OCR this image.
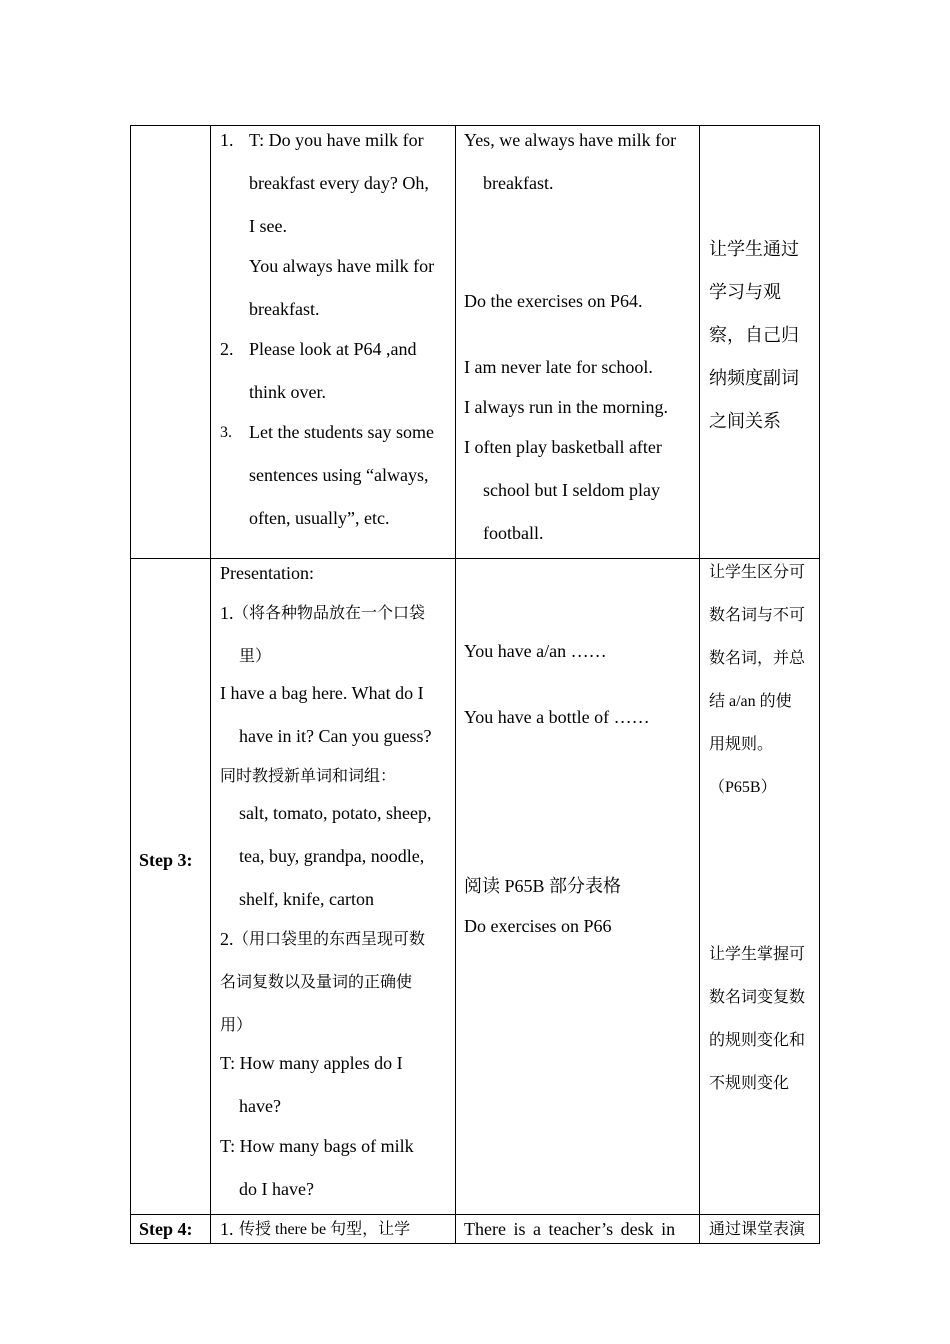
1. T: Do you have milk for
breakfast every day? Oh,
I see.
You always have milk for
breakfast.
2. Please look at P64 ,and
think over.
3. Let the students say some
sentences using “always,
often, usually”, etc.
Yes, we always have milk for
breakfast.
Do the exercises on P64.
I am never late for school.
I always run in the morning.
I often play basketball after
school but I seldom play
football.
让学生通过
学习与观
察，自己归
纳频度副词
之间关系
Step 3:
Presentation:
1. （将各种物品放在一个口袋
里）
I have a bag here. What do I
have in it? Can you guess?
同时教授新单词和词组：
salt, tomato, potato, sheep,
tea, buy, grandpa, noodle,
shelf, knife, carton
2. （用口袋里的东西呈现可数
名词复数以及量词的正确使
用）
T: How many apples do I
have?
T: How many bags of milk
do I have?
You have a/an ……
You have a bottle of ……
阅读 P65B 部分表格
Do exercises on P66
让学生区分可
数名词与不可
数名词，并总
结 a/an 的使
用规则。
（P65B）
让学生掌握可
数名词变复数
的规则变化和
不规则变化
Step 4: 1. 传授 there be 句型，让学	There is a teacher’s desk in 通过课堂表演
